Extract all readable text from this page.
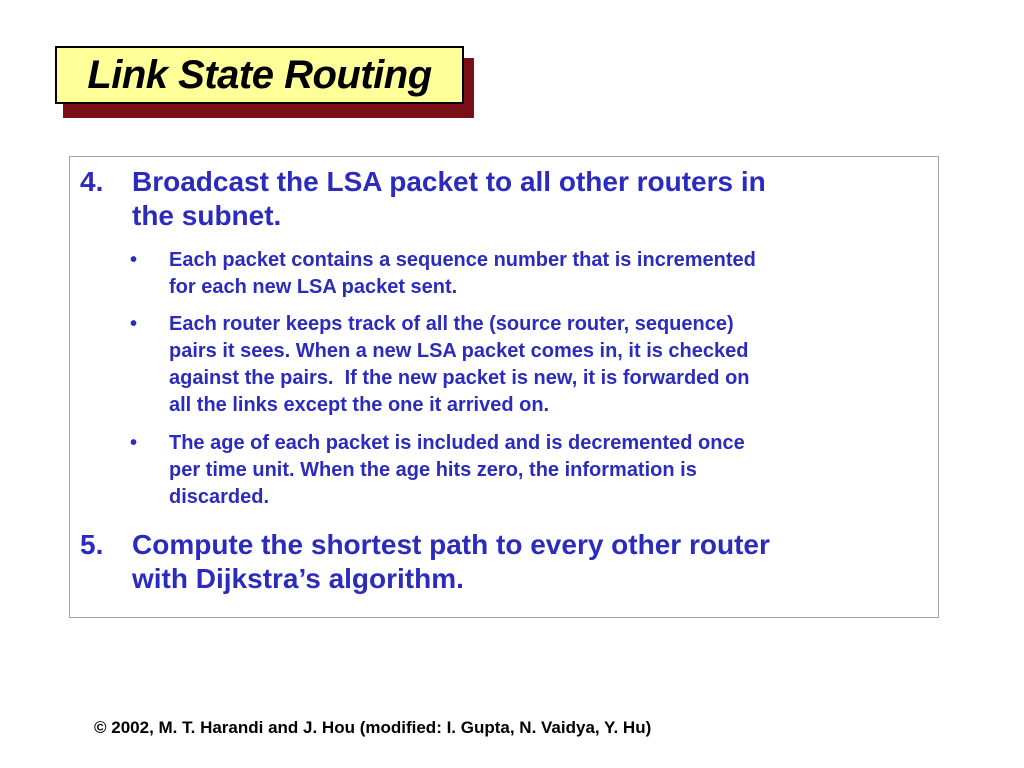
Link State Routing
4. Broadcast the LSA packet to all other routers in
the subnet.
• Each packet contains a sequence number that is incremented
for each new LSA packet sent.
• Each router keeps track of all the (source router, sequence)
pairs it sees. When a new LSA packet comes in, it is checked
against the pairs.  If the new packet is new, it is forwarded on
all the links except the one it arrived on.
• The age of each packet is included and is decremented once
per time unit. When the age hits zero, the information is
discarded.
5. Compute the shortest path to every other router
with Dijkstra’s algorithm.
© 2002, M. T. Harandi and J. Hou (modified: I. Gupta, N. Vaidya, Y. Hu)
